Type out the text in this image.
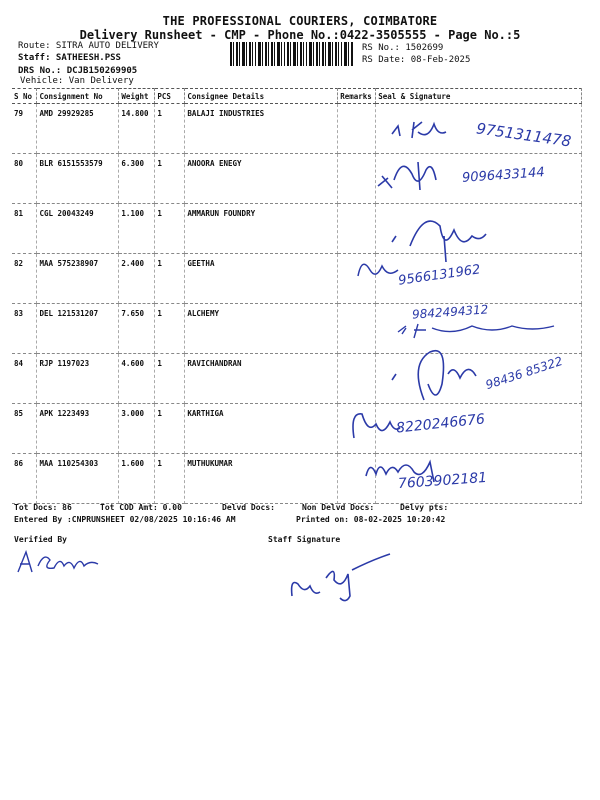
THE PROFESSIONAL COURIERS, COIMBATORE
Delivery Runsheet - CMP - Phone No.:0422-3505555 - Page No.:5
Route: SITRA AUTO DELIVERY
Staff: SATHEESH.PSS
DRS No.: DCJB150269905
Vehicle: Van Delivery
RS No.: 1502699
RS Date: 08-Feb-2025
S No	Consignment No	Weight	PCS	Consignee Details	Remarks	Seal & Signature
79	AMD 29929285	14.800	1	BALAJI INDUSTRIES		
80	BLR 6151553579	6.300	1	ANOORA ENEGY		
81	CGL 20043249	1.100	1	AMMARUN FOUNDRY		
82	MAA 575238907	2.400	1	GEETHA		
83	DEL 121531207	7.650	1	ALCHEMY		
84	RJP 1197023	4.600	1	RAVICHANDRAN		
85	APK 1223493	3.000	1	KARTHIGA		
86	MAA 110254303	1.600	1	MUTHUKUMAR		
9751311478
9096433144
9566131962
9842494312
98436 85322
8220246676
7603902181
Tot Docs: 86	Tot COD Amt: 0.00	Delvd Docs:	Non Delvd Docs:	Delvy pts:
Entered By :CNPRUNSHEET 02/08/2025 10:16:46 AM	Printed on: 08-02-2025 10:20:42
Verified By	Staff Signature
